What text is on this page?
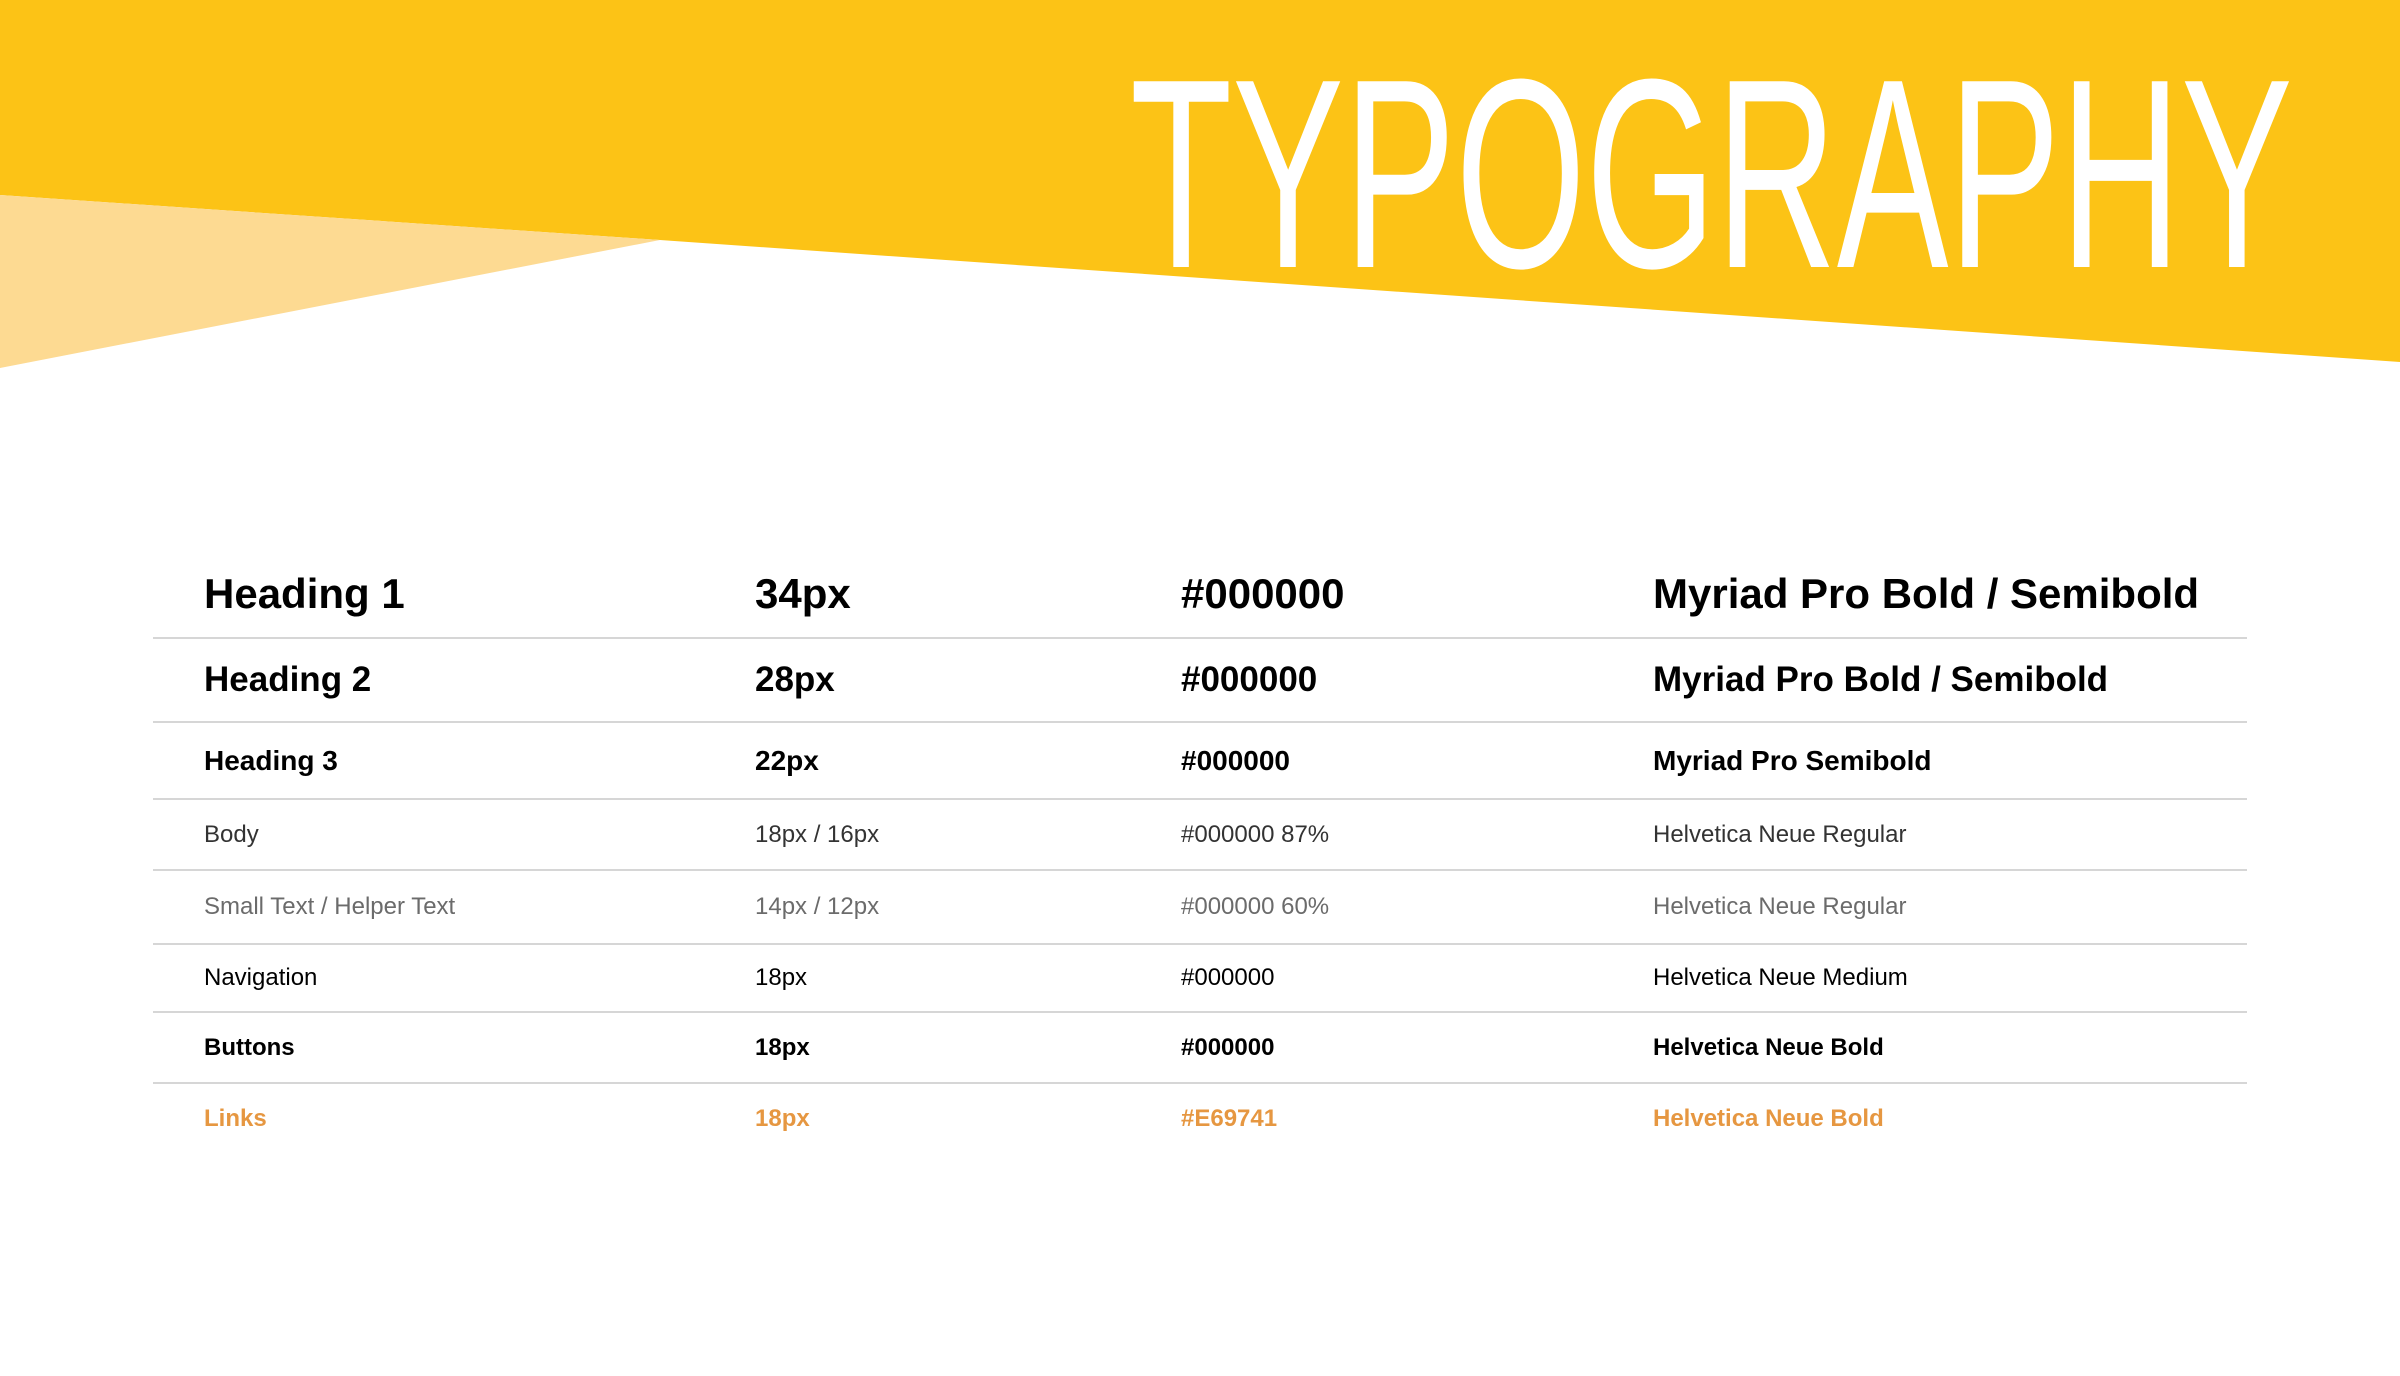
TYPOGRAPHY
Heading 1	34px	#000000	Myriad Pro Bold / Semibold
Heading 2	28px	#000000	Myriad Pro Bold / Semibold
Heading 3	22px	#000000	Myriad Pro Semibold
Body	18px / 16px	#000000 87%	Helvetica Neue Regular
Small Text / Helper Text	14px / 12px	#000000 60%	Helvetica Neue Regular
Navigation	18px	#000000	Helvetica Neue Medium
Buttons	18px	#000000	Helvetica Neue Bold
Links	18px	#E69741	Helvetica Neue Bold
